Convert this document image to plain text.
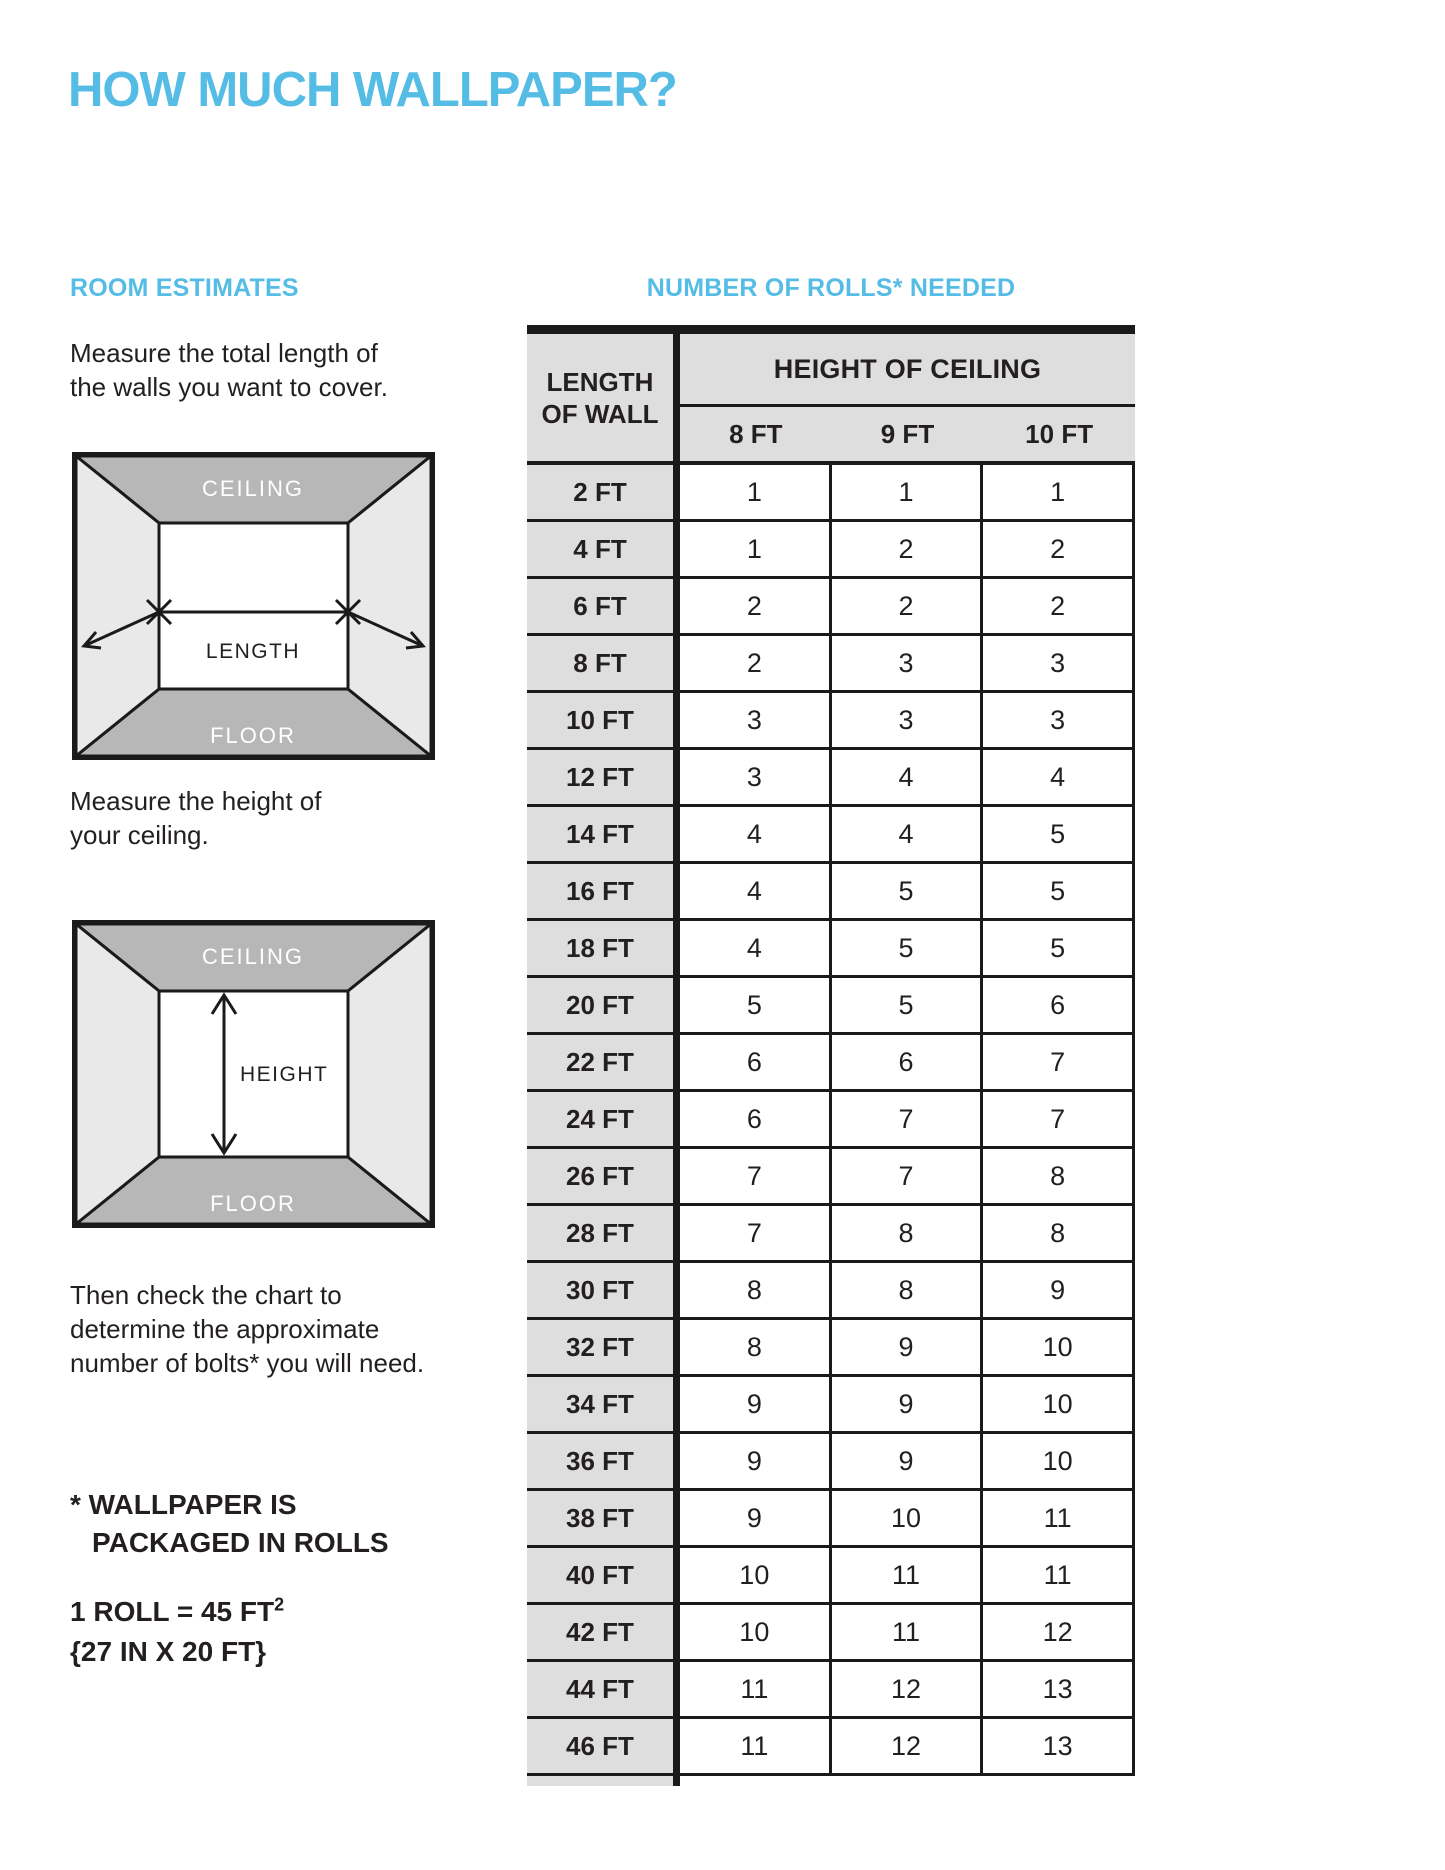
HOW MUCH WALLPAPER?
ROOM ESTIMATES	NUMBER OF ROLLS* NEEDED
Measure the total length of
the walls you want to cover.
CEILING
FLOOR
LENGTH
Measure the height of
your ceiling.
CEILING
FLOOR
HEIGHT
Then check the chart to
determine the approximate
number of bolts* you will need.
* WALLPAPER IS
PACKAGED IN ROLLS
1 ROLL = 45 $FT^2$
{27 IN X 20 FT}
LENGTH
OF WALL
HEIGHT OF CEILING
8 FT	9 FT	10 FT
2 FT	1	1	1
4 FT	1	2	2
6 FT	2	2	2
8 FT	2	3	3
10 FT	3	3	3
12 FT	3	4	4
14 FT	4	4	5
16 FT	4	5	5
18 FT	4	5	5
20 FT	5	5	6
22 FT	6	6	7
24 FT	6	7	7
26 FT	7	7	8
28 FT	7	8	8
30 FT	8	8	9
32 FT	8	9	10
34 FT	9	9	10
36 FT	9	9	10
38 FT	9	10	11
40 FT	10	11	11
42 FT	10	11	12
44 FT	11	12	13
46 FT	11	12	13
